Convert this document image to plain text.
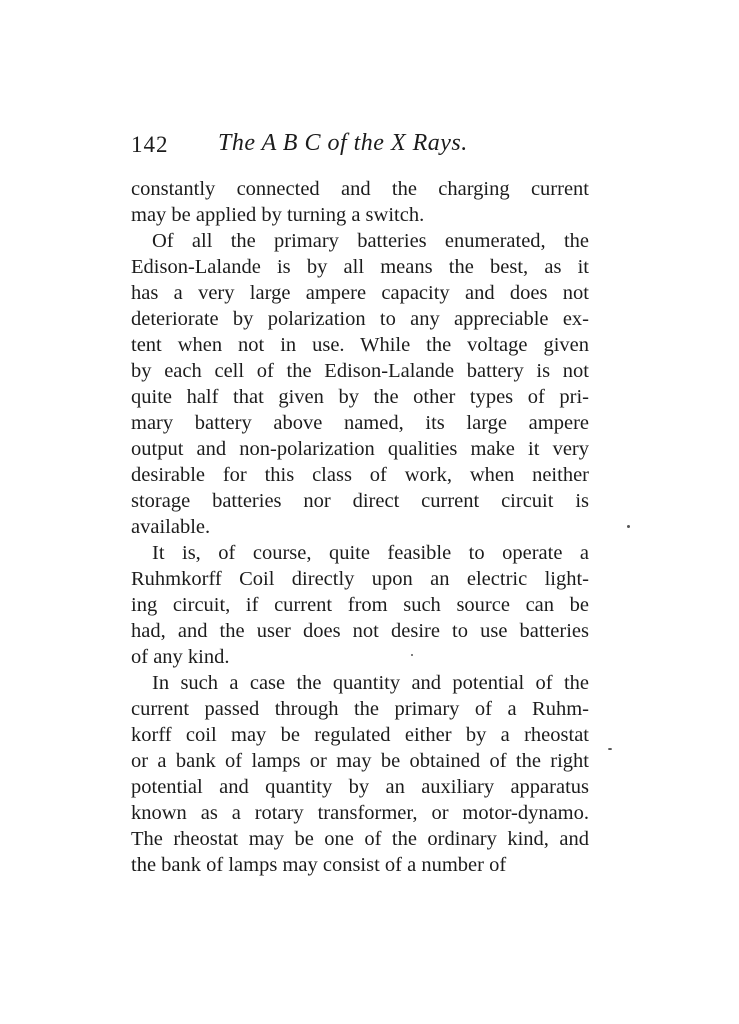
142 The A B C of the X Rays.
constantly connected and the charging current
may be applied by turning a switch.
Of all the primary batteries enumerated, the
Edison-Lalande is by all means the best, as it
has a very large ampere capacity and does not
deteriorate by polarization to any appreciable ex-
tent when not in use. While the voltage given
by each cell of the Edison-Lalande battery is not
quite half that given by the other types of pri-
mary battery above named, its large ampere
output and non-polarization qualities make it very
desirable for this class of work, when neither
storage batteries nor direct current circuit is
available.
It is, of course, quite feasible to operate a
Ruhmkorff Coil directly upon an electric light-
ing circuit, if current from such source can be
had, and the user does not desire to use batteries
of any kind.
In such a case the quantity and potential of the
current passed through the primary of a Ruhm-
korff coil may be regulated either by a rheostat
or a bank of lamps or may be obtained of the right
potential and quantity by an auxiliary apparatus
known as a rotary transformer, or motor-dynamo.
The rheostat may be one of the ordinary kind, and
the bank of lamps may consist of a number of
